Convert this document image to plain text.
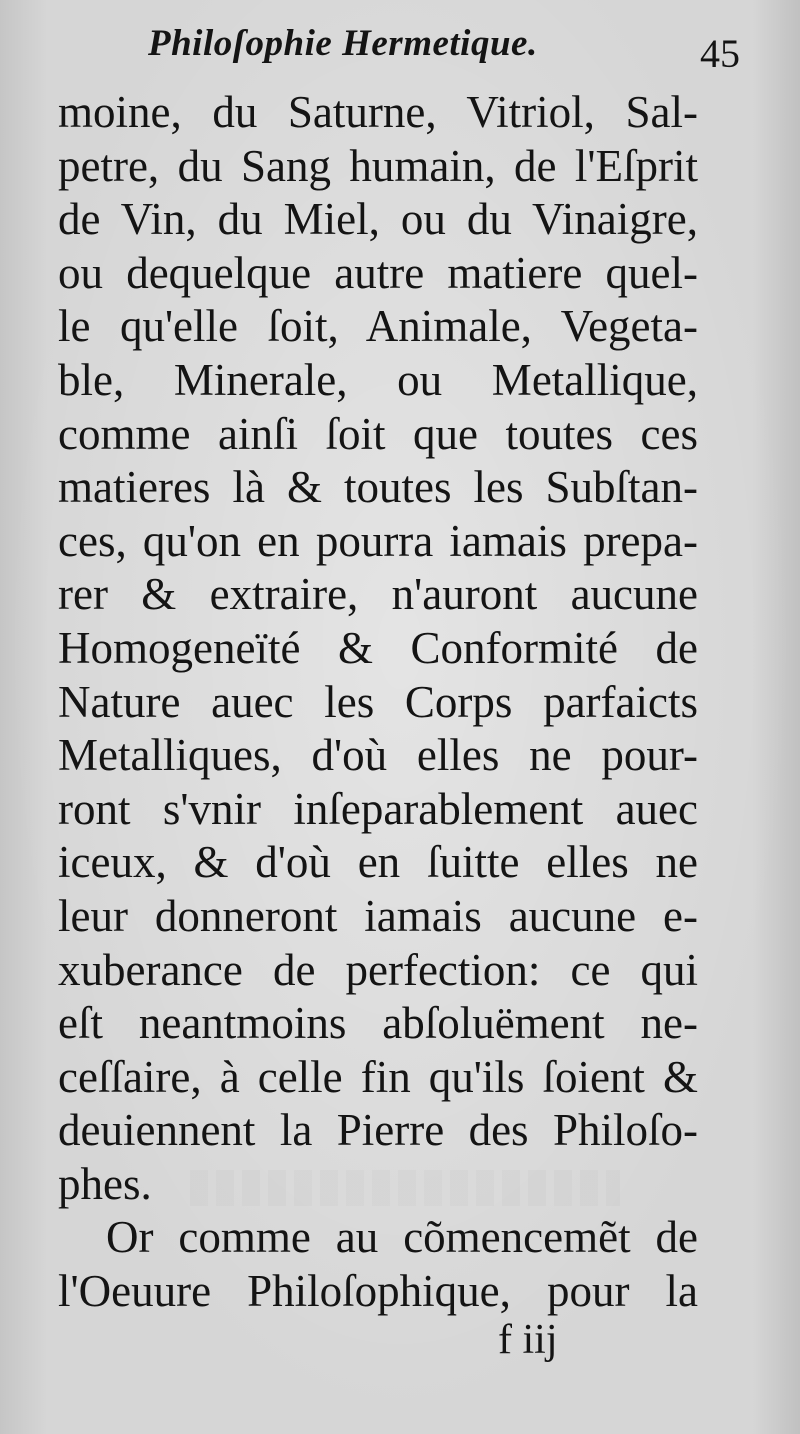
Philoſophie Hermetique.	45
moine, du Saturne, Vitriol, Sal-
petre, du Sang humain, de l'Eſprit
de Vin, du Miel, ou du Vinaigre,
ou dequelque autre matiere quel-
le qu'elle ſoit, Animale, Vegeta-
ble, Minerale, ou Metallique,
comme ainſi ſoit que toutes ces
matieres là & toutes les Subſtan-
ces, qu'on en pourra iamais prepa-
rer & extraire, n'auront aucune
Homogeneïté & Conformité de
Nature auec les Corps parfaicts
Metalliques, d'où elles ne pour-
ront s'vnir inſeparablement auec
iceux, & d'où en ſuitte elles ne
leur donneront iamais aucune e-
xuberance de perfection: ce qui
eſt neantmoins abſoluëment ne-
ceſſaire, à celle fin qu'ils ſoient &
deuiennent la Pierre des Philoſo-
phes.
Or comme au cõmencemẽt de
l'Oeuure Philoſophique, pour la
f iij
